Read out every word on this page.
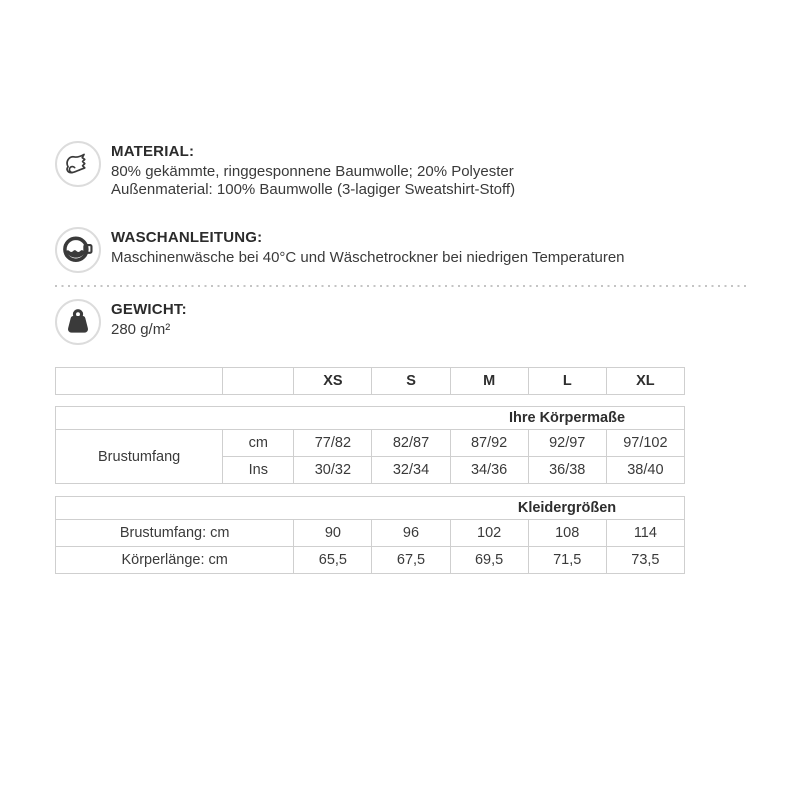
MATERIAL:

80% gekämmte, ringgesponnene Baumwolle; 20% Polyester

Außenmaterial: 100% Baumwolle (3-lagiger Sweatshirt-Stoff)

WASCHANLEITUNG:

Maschinenwäsche bei 40°C und Wäschetrockner bei niedrigen Temperaturen

GEWICHT:

280 g/m²

		XS	S	M	L	XL
Ihre Körpermaße						

Brustumfang	cm	77/82	82/87	87/92	92/97	97/102
	Ins	30/32	32/34	34/36	36/38	38/40
Kleidergrößen					

Brustumfang: cm	90	96	102	108	114
Körperlänge: cm	65,5	67,5	69,5	71,5	73,5
